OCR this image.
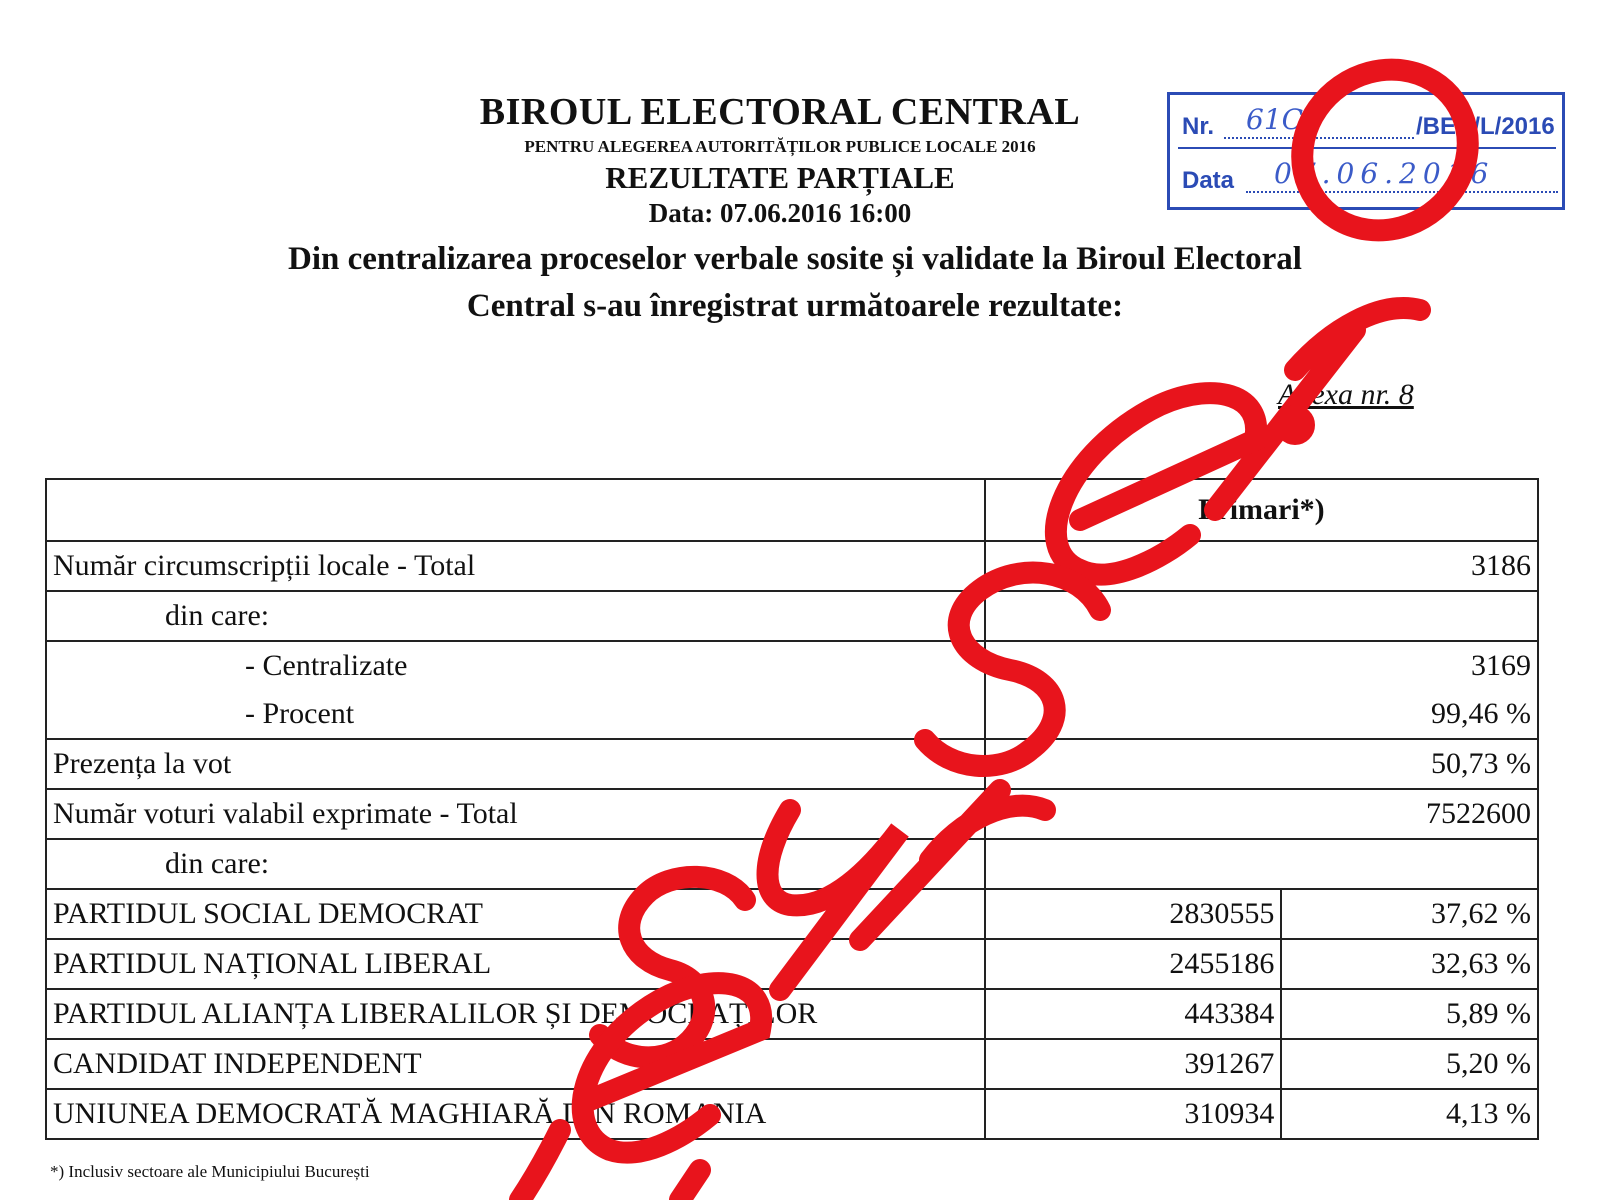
BIROUL ELECTORAL CENTRAL
PENTRU ALEGEREA AUTORITĂȚILOR PUBLICE LOCALE 2016
REZULTATE PARȚIALE
Data: 07.06.2016 16:00

Din centralizarea proceselor verbale sosite și validate la Biroul Electoral Central s-au înregistrat următoarele rezultate:

Nr. 61CP	/BEC/L/2016
Data 07.06.2016
Anexa nr. 8
	Primari*)	
Număr circumscripții locale - Total	3186	
din care:		
- Centralizate	3169	
- Procent	99,46 %	
Prezența la vot	50,73 %	
Număr voturi valabil exprimate - Total	7522600	
din care:		
PARTIDUL SOCIAL DEMOCRAT	2830555	37,62 %
PARTIDUL NAȚIONAL LIBERAL	2455186	32,63 %
PARTIDUL ALIANȚA LIBERALILOR ȘI DEMOCRAȚILOR	443384	5,89 %
CANDIDAT INDEPENDENT	391267	5,20 %
UNIUNEA DEMOCRATĂ MAGHIARĂ DIN ROMANIA	310934	4,13 %
*) Inclusiv sectoare ale Municipiului București
